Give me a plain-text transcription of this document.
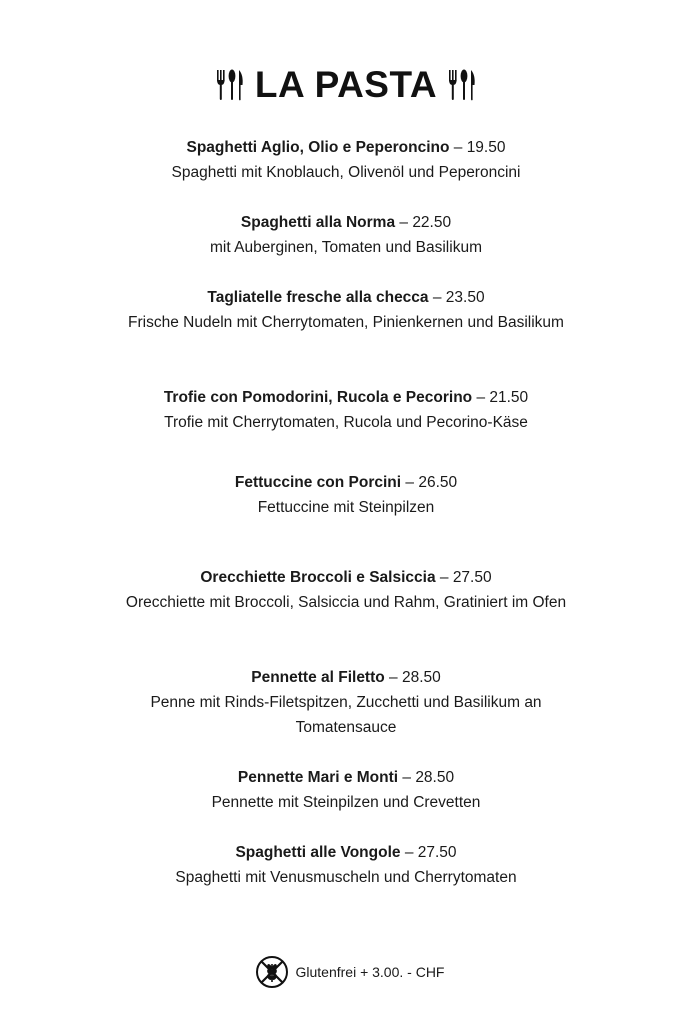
LA PASTA
Spaghetti Aglio, Olio e Peperoncino – 19.50
Spaghetti mit Knoblauch, Olivenöl und Peperoncini
Spaghetti alla Norma – 22.50
mit Auberginen, Tomaten und Basilikum
Tagliatelle fresche alla checca – 23.50
Frische Nudeln mit Cherrytomaten, Pinienkernen und Basilikum
Trofie con Pomodorini, Rucola e Pecorino – 21.50
Trofie mit Cherrytomaten, Rucola und Pecorino-Käse
Fettuccine con Porcini – 26.50
Fettuccine mit Steinpilzen
Orecchiette Broccoli e Salsiccia – 27.50
Orecchiette mit Broccoli, Salsiccia und Rahm, Gratiniert im Ofen
Pennette al Filetto – 28.50
Penne mit Rinds-Filetspitzen, Zucchetti und Basilikum an Tomatensauce
Pennette Mari e Monti – 28.50
Pennette mit Steinpilzen und Crevetten
Spaghetti alle Vongole – 27.50
Spaghetti mit Venusmuscheln und Cherrytomaten
Glutenfrei + 3.00. - CHF
